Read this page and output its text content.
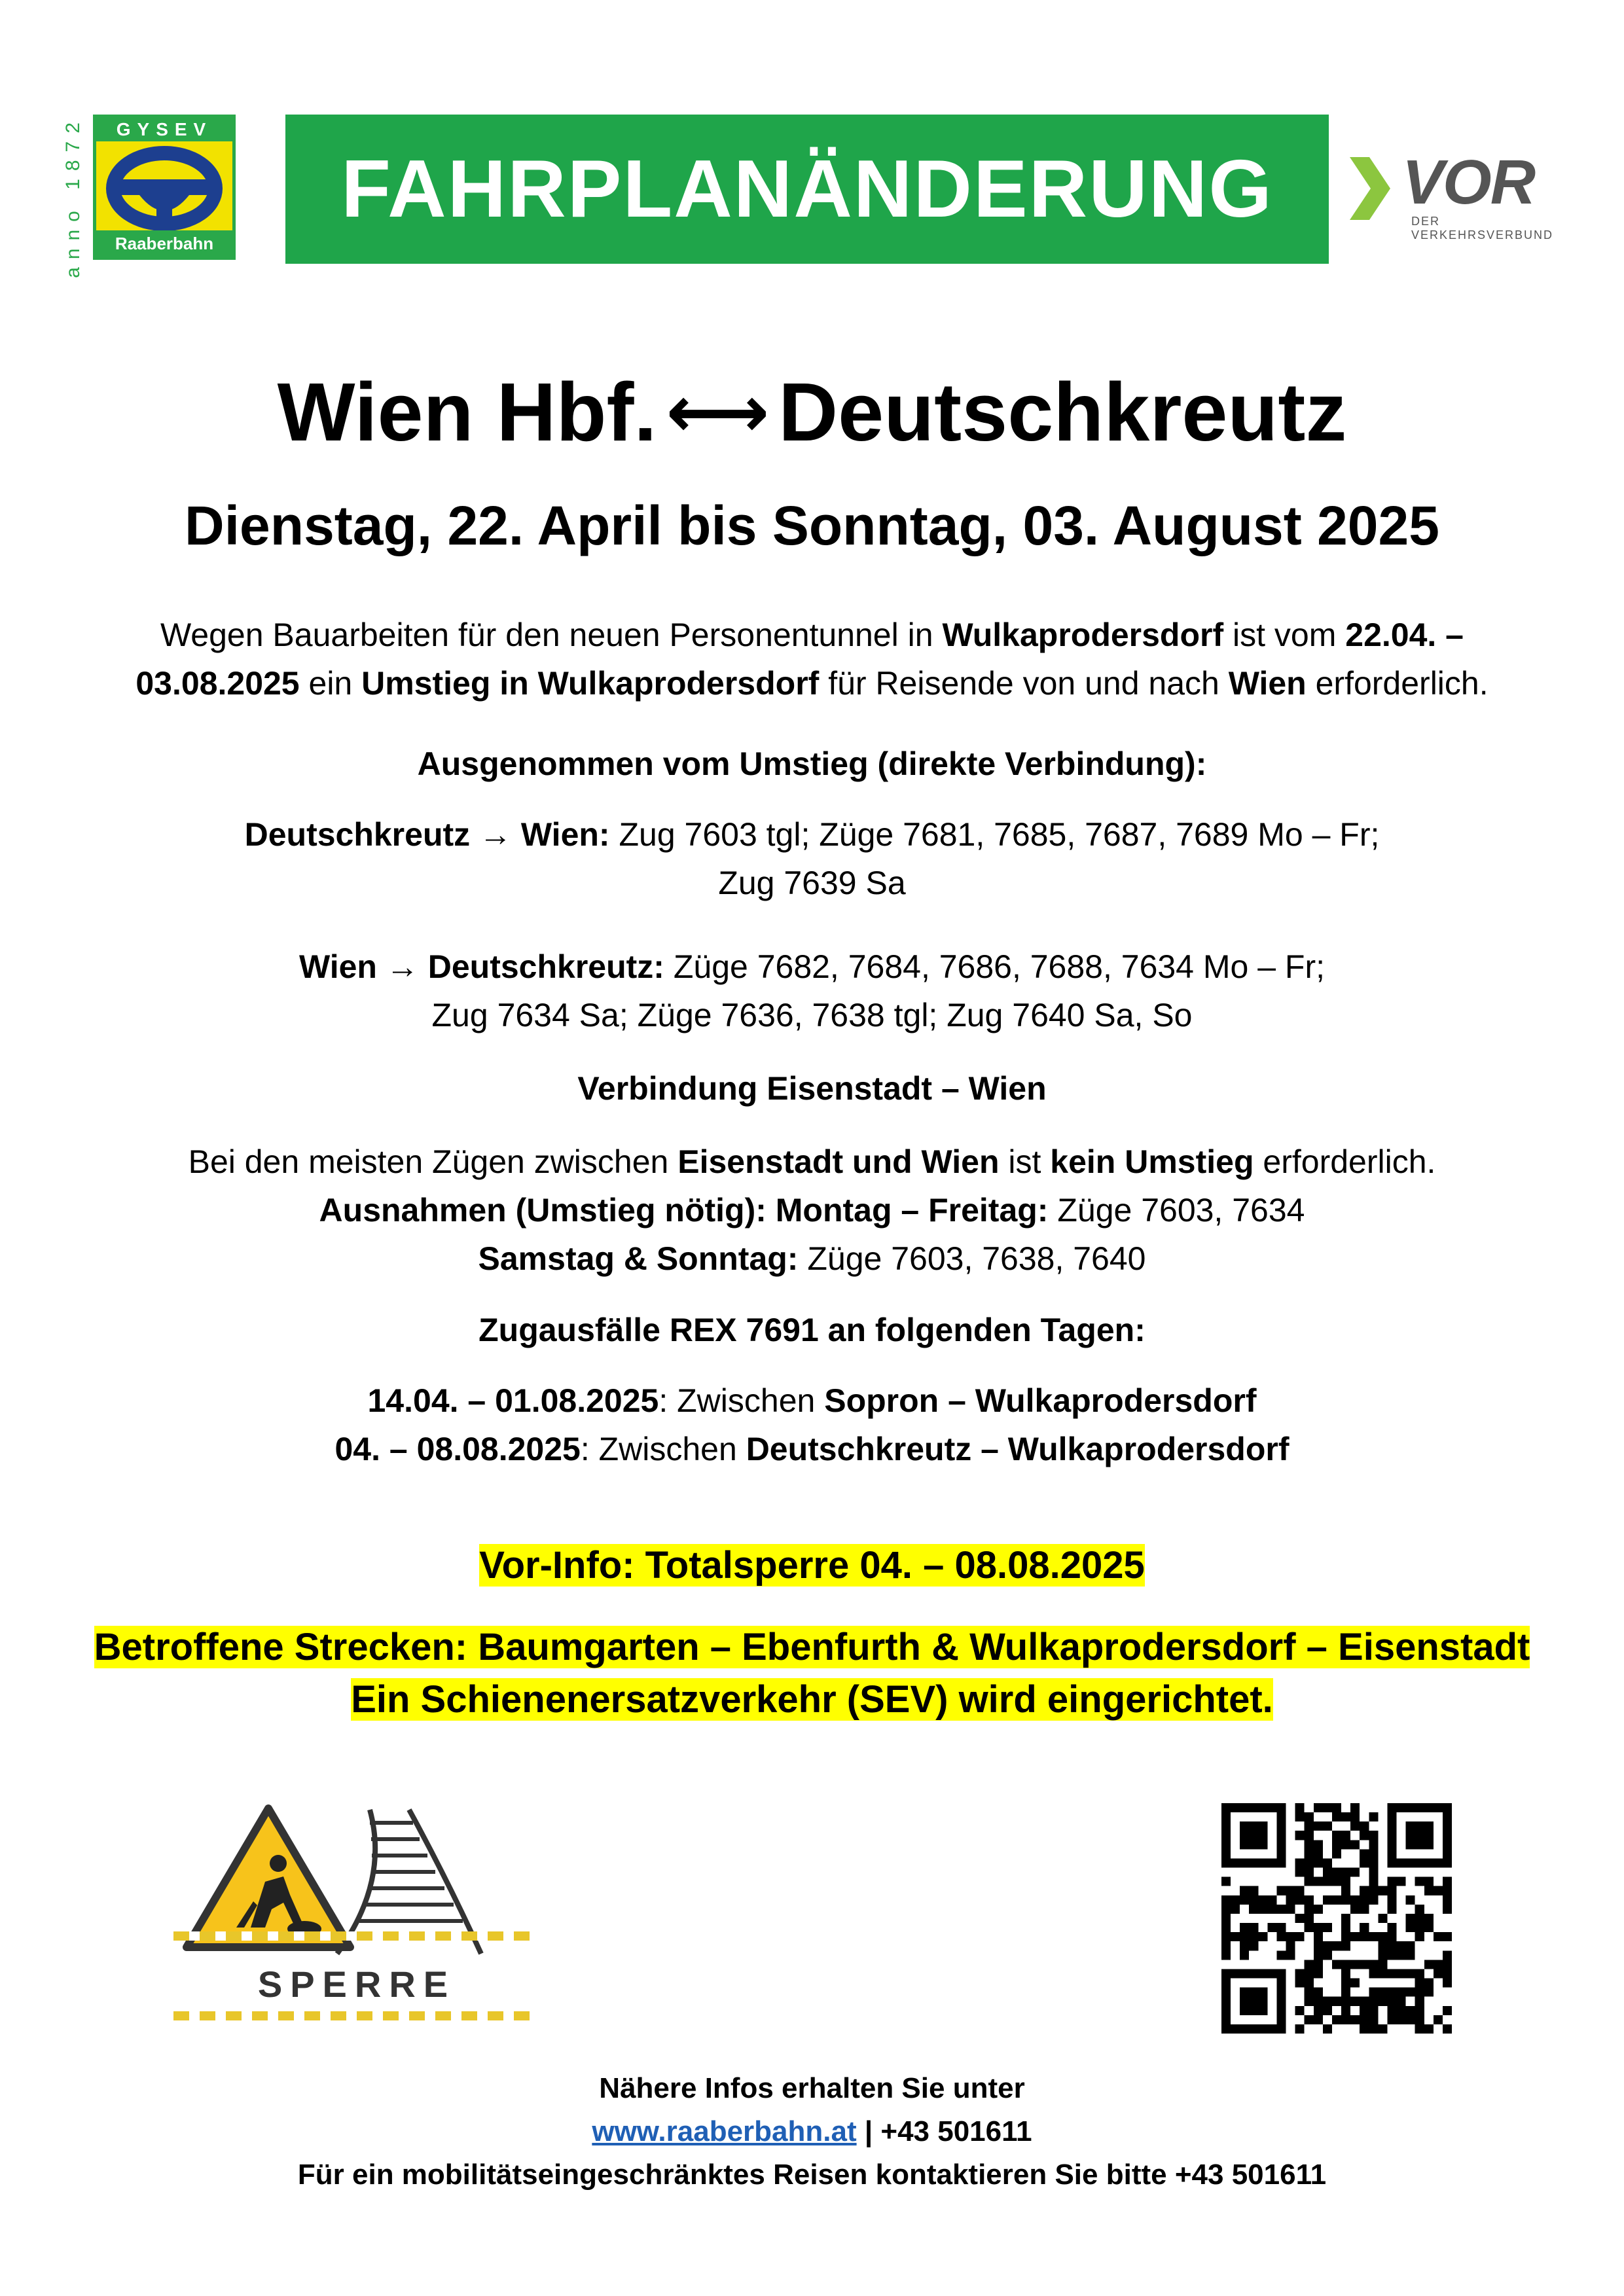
anno 1872	GYSEV
Raaberbahn
FAHRPLANÄNDERUNG VOR
DER VERKEHRSVERBUND
Wien Hbf. ⟷ Deutschkreutz
Dienstag, 22. April bis Sonntag, 03. August 2025
Wegen Bauarbeiten für den neuen Personentunnel in Wulkaprodersdorf ist vom 22.04. –
03.08.2025 ein Umstieg in Wulkaprodersdorf für Reisende von und nach Wien erforderlich.
Ausgenommen vom Umstieg (direkte Verbindung):
Deutschkreutz → Wien: Zug 7603 tgl; Züge 7681, 7685, 7687, 7689 Mo – Fr;
Zug 7639 Sa
Wien → Deutschkreutz: Züge 7682, 7684, 7686, 7688, 7634 Mo – Fr;
Zug 7634 Sa; Züge 7636, 7638 tgl; Zug 7640 Sa, So
Verbindung Eisenstadt – Wien
Bei den meisten Zügen zwischen Eisenstadt und Wien ist kein Umstieg erforderlich.
Ausnahmen (Umstieg nötig): Montag – Freitag: Züge 7603, 7634
Samstag & Sonntag: Züge 7603, 7638, 7640
Zugausfälle REX 7691 an folgenden Tagen:
14.04. – 01.08.2025: Zwischen Sopron – Wulkaprodersdorf
04. – 08.08.2025: Zwischen Deutschkreutz – Wulkaprodersdorf
Vor-Info: Totalsperre 04. – 08.08.2025
Betroffene Strecken: Baumgarten – Ebenfurth & Wulkaprodersdorf – Eisenstadt
Ein Schienenersatzverkehr (SEV) wird eingerichtet.
SPERRE
Nähere Infos erhalten Sie unter
www.raaberbahn.at | +43 501611
Für ein mobilitätseingeschränktes Reisen kontaktieren Sie bitte +43 501611
